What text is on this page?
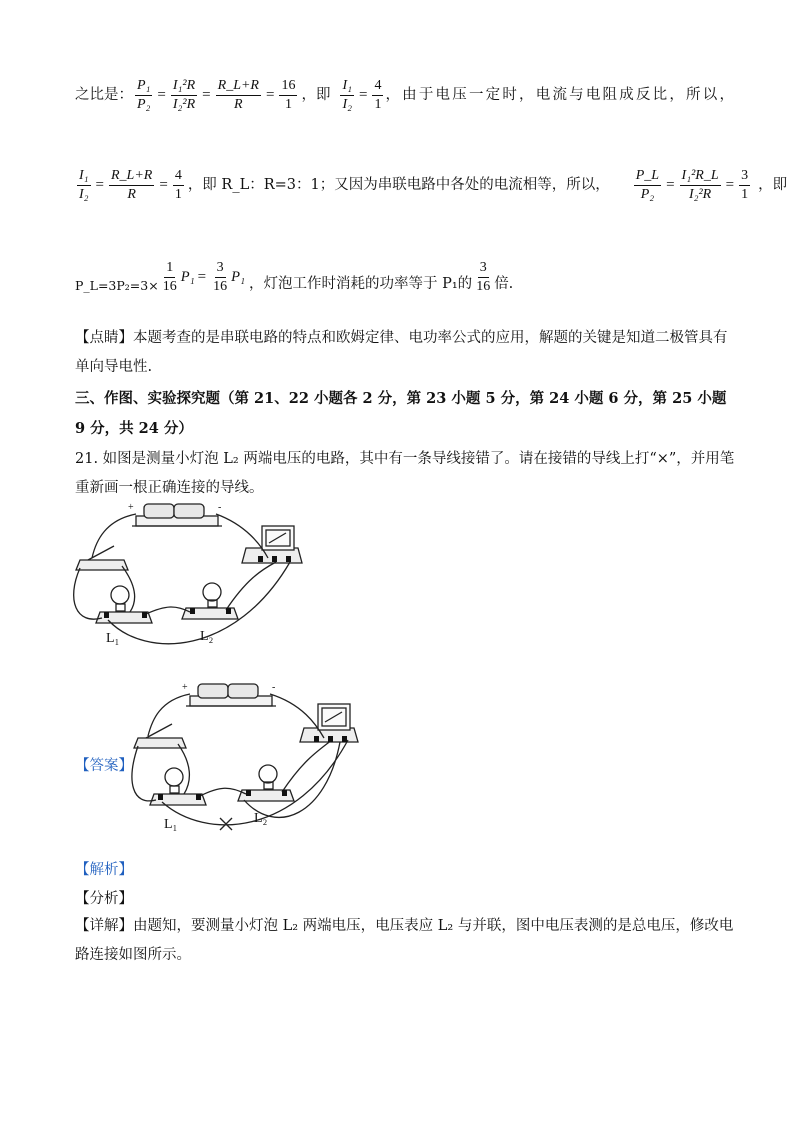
之比是： $\frac{\text{P₁}}{\text{P₂}} = \frac{\text{I₁²R}}{\text{I₂²R}} = \frac{R\_L+R}{R} = \frac{16}{1}$ ，即 $\frac{\text{I₁}}{\text{I₂}} = \frac{4}{1}$ ，由于电压一定时，电流与电阻成反比，所以，
$\frac{\text{I₁}}{\text{I₂}} = \frac{R\_L+R}{R} = \frac{4}{1}$ ，即 R_L：R=3：1；又因为串联电路中各处的电流相等，所以， $\frac{P\_L}{\text{P₂}} = \frac{\text{I₁²R\_L}}{\text{I₂²R}} = \frac{3}{1}$ ，即
P_L=3P₂=3× $\frac{1}{16} P_1 = \frac{3}{16} P_1$ ，灯泡工作时消耗的功率等于 P₁的 $\frac{3}{16}$ 倍.
【点睛】本题考查的是串联电路的特点和欧姆定律、电功率公式的应用，解题的关键是知道二极管具有单向导电性.
三、作图、实验探究题（第 21、22 小题各 2 分，第 23 小题 5 分，第 24 小题 6 分，第 25 小题 9 分，共 24 分）
21. 如图是测量小灯泡 L₂ 两端电压的电路，其中有一条导线接错了。请在接错的导线上打“×”，并用笔重新画一根正确连接的导线。
+	-
L₁	L₂
【答案】
+	-
L₁	L₂
【解析】
【分析】
【详解】由题知，要测量小灯泡 L₂ 两端电压，电压表应 L₂ 与并联，图中电压表测的是总电压，修改电路连接如图所示。
